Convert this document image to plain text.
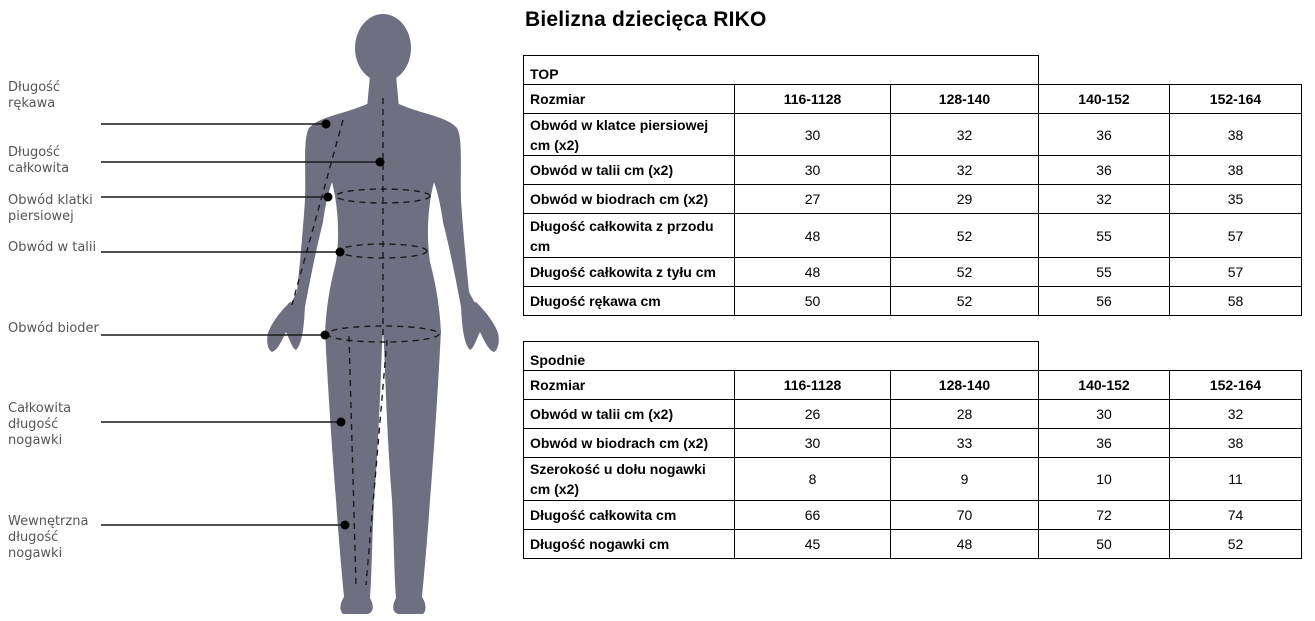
Długość
rękawa
Długość
całkowita
Obwód klatki
piersiowej
Obwód w talii
Obwód bioder
Całkowita
długość
nogawki
Wewnętrzna
długość
nogawki
Bielizna dziecięca RIKO
TOP				
Rozmiar	116-1128	128-140	140-152	152-164
Obwód w klatce piersiowej cm (x2)	30	32	36	38
Obwód w talii cm (x2)	30	32	36	38
Obwód w biodrach cm (x2)	27	29	32	35
Długość całkowita z przodu cm	48	52	55	57
Długość całkowita z tyłu cm	48	52	55	57
Długość rękawa cm	50	52	56	58
Spodnie				
Rozmiar	116-1128	128-140	140-152	152-164
Obwód w talii cm (x2)	26	28	30	32
Obwód w biodrach cm (x2)	30	33	36	38
Szerokość u dołu nogawki cm (x2)	8	9	10	11
Długość całkowita cm	66	70	72	74
Długość nogawki cm	45	48	50	52
